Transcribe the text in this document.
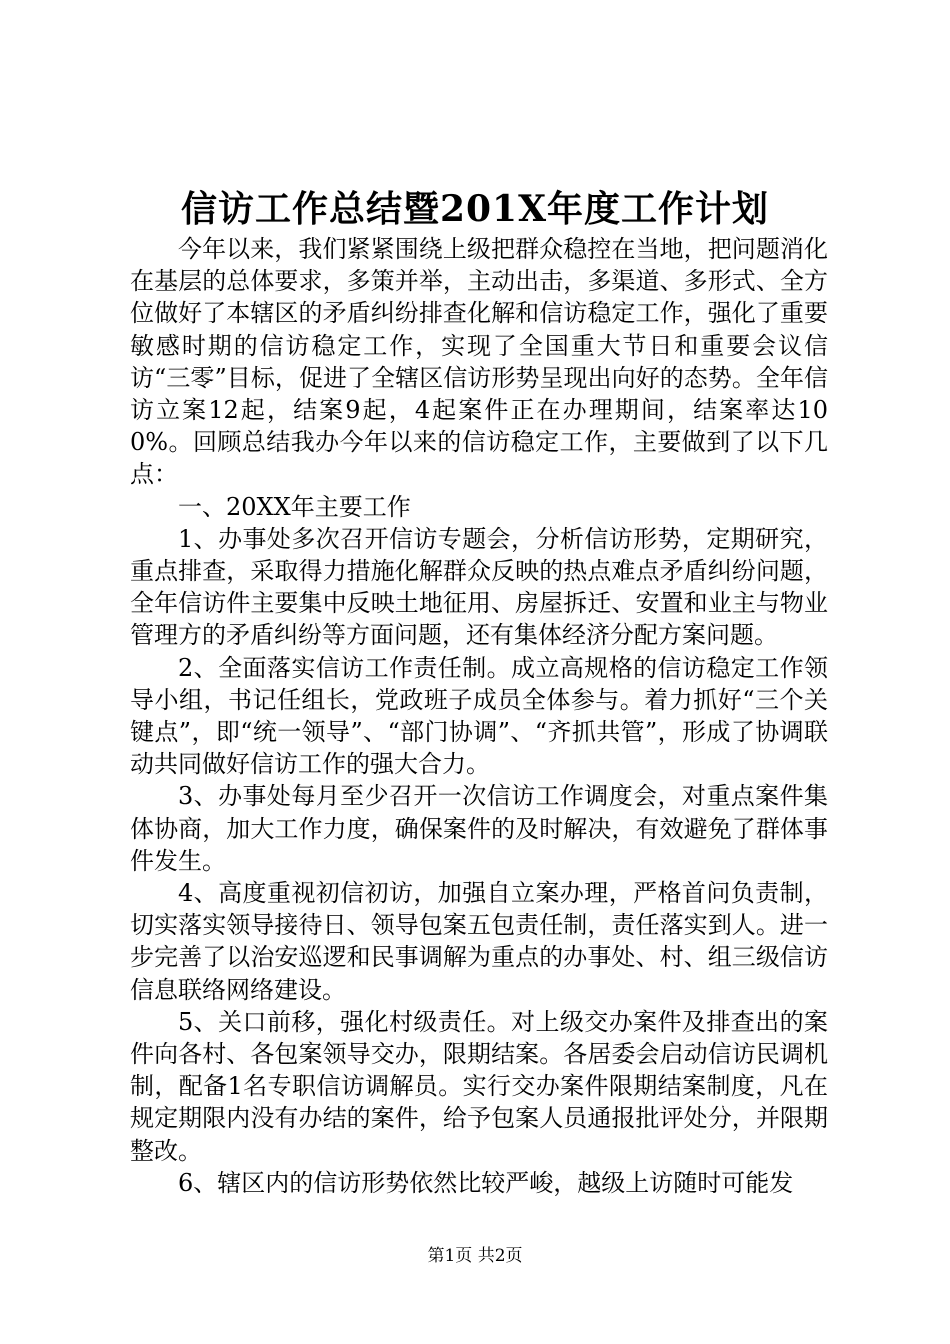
信访工作总结暨201X年度工作计划

今年以来，我们紧紧围绕上级把群众稳控在当地，把问题消化在基层的总体要求，多策并举，主动出击，多渠道、多形式、全方位做好了本辖区的矛盾纠纷排查化解和信访稳定工作，强化了重要敏感时期的信访稳定工作，实现了全国重大节日和重要会议信访“三零”目标，促进了全辖区信访形势呈现出向好的态势。全年信访立案12起，结案9起，4起案件正在办理期间，结案率达100%。回顾总结我办今年以来的信访稳定工作，主要做到了以下几点：

一、20XX年主要工作

1、办事处多次召开信访专题会，分析信访形势，定期研究，重点排查，采取得力措施化解群众反映的热点难点矛盾纠纷问题，全年信访件主要集中反映土地征用、房屋拆迁、安置和业主与物业管理方的矛盾纠纷等方面问题，还有集体经济分配方案问题。

2、全面落实信访工作责任制。成立高规格的信访稳定工作领导小组，书记任组长，党政班子成员全体参与。着力抓好“三个关键点”，即“统一领导”、“部门协调”、“齐抓共管”，形成了协调联动共同做好信访工作的强大合力。

3、办事处每月至少召开一次信访工作调度会，对重点案件集体协商，加大工作力度，确保案件的及时解决，有效避免了群体事件发生。

4、高度重视初信初访，加强自立案办理，严格首问负责制，切实落实领导接待日、领导包案五包责任制，责任落实到人。进一步完善了以治安巡逻和民事调解为重点的办事处、村、组三级信访信息联络网络建设。

5、关口前移，强化村级责任。对上级交办案件及排查出的案件向各村、各包案领导交办，限期结案。各居委会启动信访民调机制，配备1名专职信访调解员。实行交办案件限期结案制度，凡在规定期限内没有办结的案件，给予包案人员通报批评处分，并限期整改。

6、辖区内的信访形势依然比较严峻，越级上访随时可能发

第1页 共2页
